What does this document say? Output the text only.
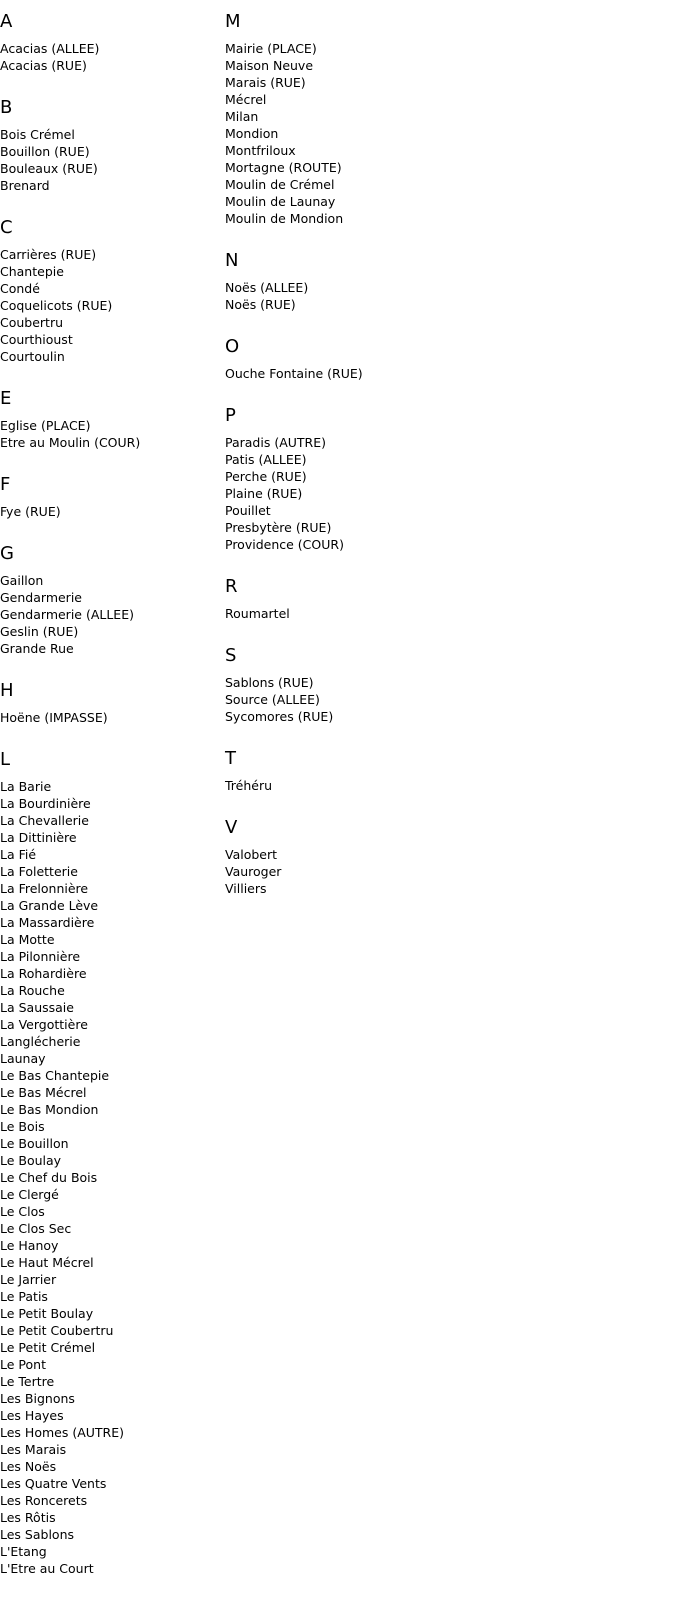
A
Acacias (ALLEE)
Acacias (RUE)
B
Bois Crémel
Bouillon (RUE)
Bouleaux (RUE)
Brenard
C
Carrières (RUE)
Chantepie
Condé
Coquelicots (RUE)
Coubertru
Courthioust
Courtoulin
E
Eglise (PLACE)
Etre au Moulin (COUR)
F
Fye (RUE)
G
Gaillon
Gendarmerie
Gendarmerie (ALLEE)
Geslin (RUE)
Grande Rue
H
Hoëne (IMPASSE)
L
La Barie
La Bourdinière
La Chevallerie
La Dittinière
La Fié
La Foletterie
La Frelonnière
La Grande Lève
La Massardière
La Motte
La Pilonnière
La Rohardière
La Rouche
La Saussaie
La Vergottière
Langlécherie
Launay
Le Bas Chantepie
Le Bas Mécrel
Le Bas Mondion
Le Bois
Le Bouillon
Le Boulay
Le Chef du Bois
Le Clergé
Le Clos
Le Clos Sec
Le Hanoy
Le Haut Mécrel
Le Jarrier
Le Patis
Le Petit Boulay
Le Petit Coubertru
Le Petit Crémel
Le Pont
Le Tertre
Les Bignons
Les Hayes
Les Homes (AUTRE)
Les Marais
Les Noës
Les Quatre Vents
Les Roncerets
Les Rôtis
Les Sablons
L'Etang
L'Etre au Court
M
Mairie (PLACE)
Maison Neuve
Marais (RUE)
Mécrel
Milan
Mondion
Montfriloux
Mortagne (ROUTE)
Moulin de Crémel
Moulin de Launay
Moulin de Mondion
N
Noës (ALLEE)
Noës (RUE)
O
Ouche Fontaine (RUE)
P
Paradis (AUTRE)
Patis (ALLEE)
Perche (RUE)
Plaine (RUE)
Pouillet
Presbytère (RUE)
Providence (COUR)
R
Roumartel
S
Sablons (RUE)
Source (ALLEE)
Sycomores (RUE)
T
Tréhéru
V
Valobert
Vauroger
Villiers
